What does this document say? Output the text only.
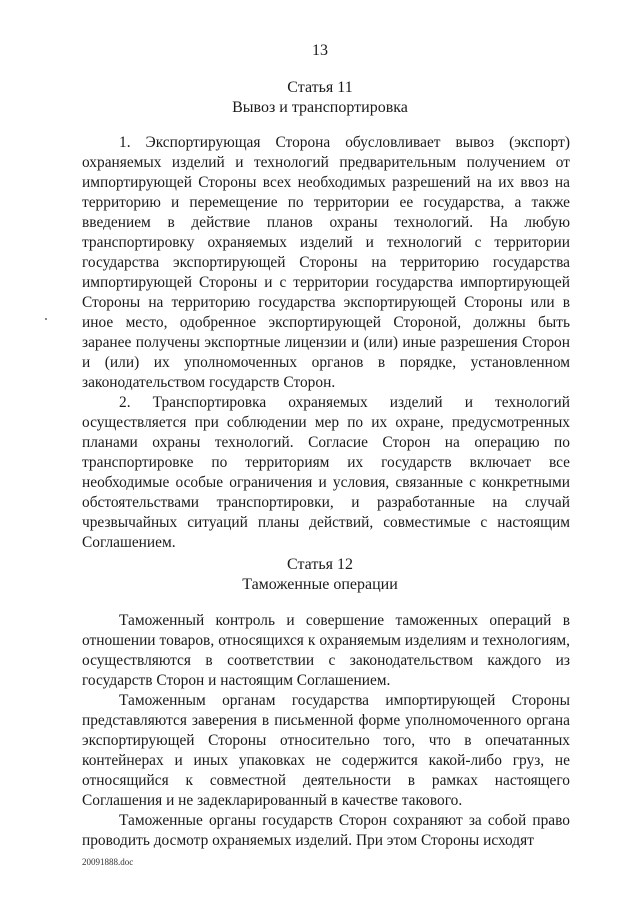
13
Статья 11
Вывоз и транспортировка

1. Экспортирующая Сторона обусловливает вывоз (экспорт) охраняемых изделий и технологий предварительным получением от импортирующей Стороны всех необходимых разрешений на их ввоз на территорию и перемещение по территории ее государства, а также введением в действие планов охраны технологий. На любую транспортировку охраняемых изделий и технологий с территории государства экспортирующей Стороны на территорию государства импортирующей Стороны и с территории государства импортирующей Стороны на территорию государства экспортирующей Стороны или в иное место, одобренное экспортирующей Стороной, должны быть заранее получены экспортные лицензии и (или) иные разрешения Сторон и (или) их уполномоченных органов в порядке, установленном законодательством государств Сторон.

2. Транспортировка охраняемых изделий и технологий осуществляется при соблюдении мер по их охране, предусмотренных планами охраны технологий. Согласие Сторон на операцию по транспортировке по территориям их государств включает все необходимые особые ограничения и условия, связанные с конкретными обстоятельствами транспортировки, и разработанные на случай чрезвычайных ситуаций планы действий, совместимые с настоящим Соглашением.

Статья 12
Таможенные операции

Таможенный контроль и совершение таможенных операций в отношении товаров, относящихся к охраняемым изделиям и технологиям, осуществляются в соответствии с законодательством каждого из государств Сторон и настоящим Соглашением.

Таможенным органам государства импортирующей Стороны представляются заверения в письменной форме уполномоченного органа экспортирующей Стороны относительно того, что в опечатанных контейнерах и иных упаковках не содержится какой-либо груз, не относящийся к совместной деятельности в рамках настоящего Соглашения и не задекларированный в качестве такового.

Таможенные органы государств Сторон сохраняют за собой право проводить досмотр охраняемых изделий. При этом Стороны исходят

20091888.doc
